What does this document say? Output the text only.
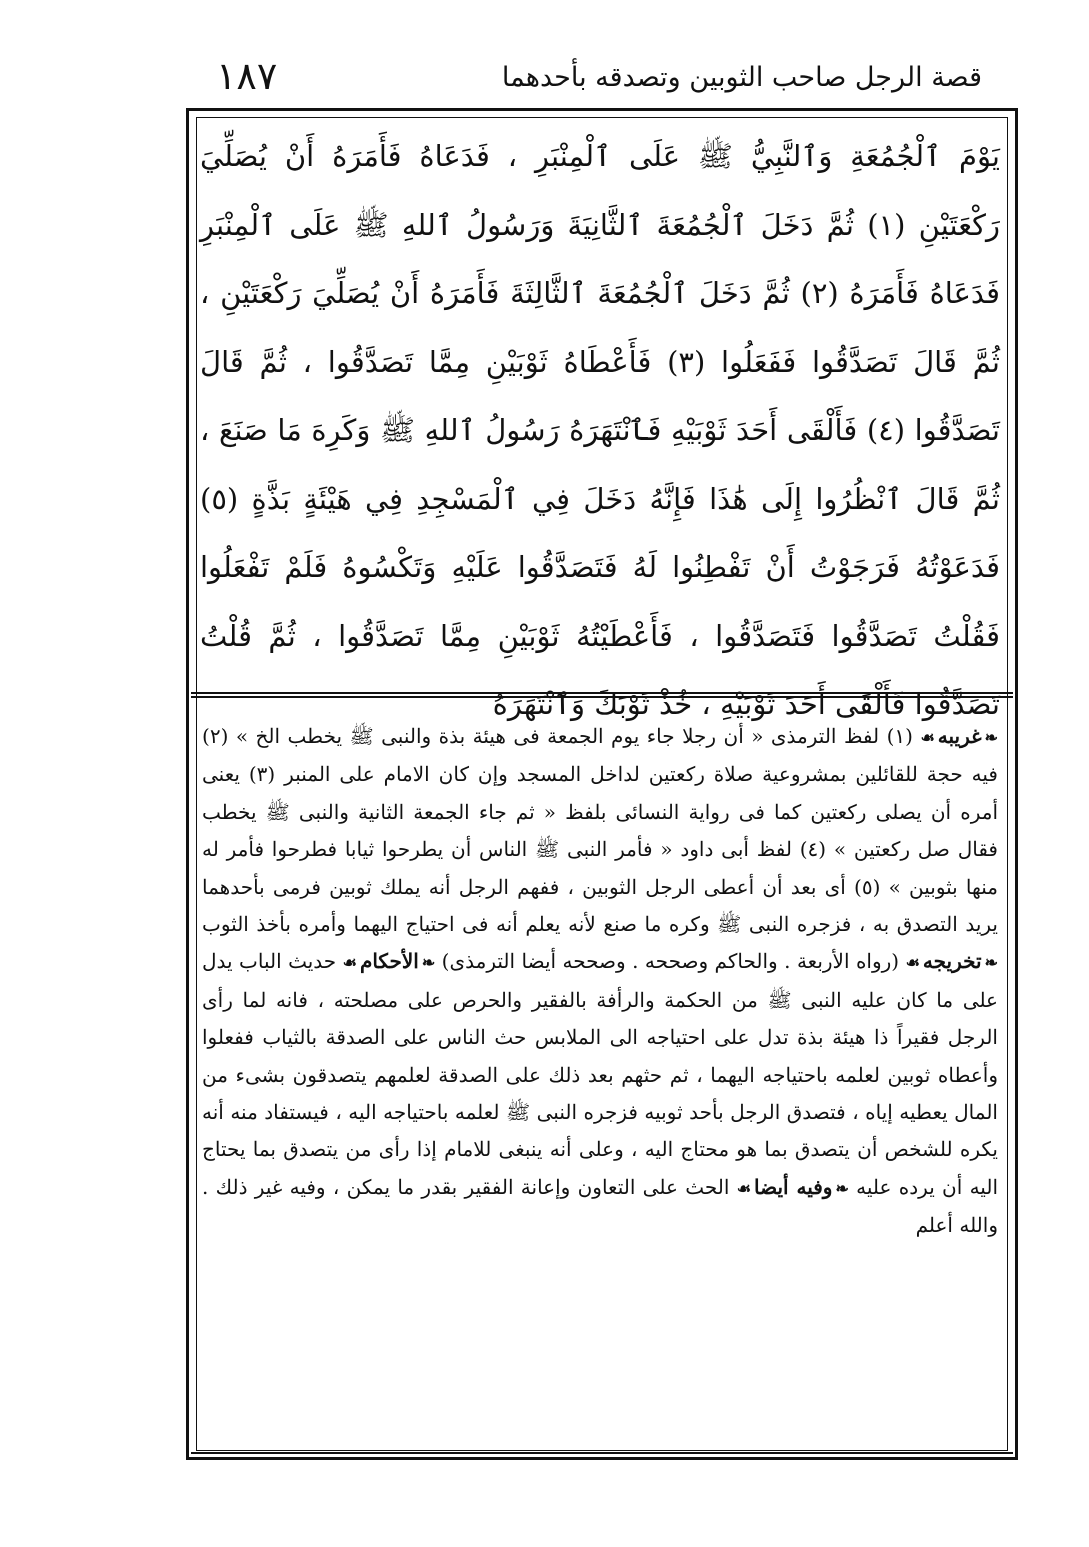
١٨٧	قصة الرجل صاحب الثوبين وتصدقه بأحدهما

يَوْمَ ٱلْجُمُعَةِ وَٱلنَّبِيُّ ﷺ عَلَى ٱلْمِنْبَرِ ، فَدَعَاهُ فَأَمَرَهُ أَنْ يُصَلِّيَ رَكْعَتَيْنِ (١) ثُمَّ دَخَلَ ٱلْجُمُعَةَ ٱلثَّانِيَةَ وَرَسُولُ ٱللهِ ﷺ عَلَى ٱلْمِنْبَرِ فَدَعَاهُ فَأَمَرَهُ (٢) ثُمَّ دَخَلَ ٱلْجُمُعَةَ ٱلثَّالِثَةَ فَأَمَرَهُ أَنْ يُصَلِّيَ رَكْعَتَيْنِ ، ثُمَّ قَالَ تَصَدَّقُوا فَفَعَلُوا (٣) فَأَعْطَاهُ ثَوْبَيْنِ مِمَّا تَصَدَّقُوا ، ثُمَّ قَالَ تَصَدَّقُوا (٤) فَأَلْقَى أَحَدَ ثَوْبَيْهِ فَٱنْتَهَرَهُ رَسُولُ ٱللهِ ﷺ وَكَرِهَ مَا صَنَعَ ، ثُمَّ قَالَ ٱنْظُرُوا إِلَى هَٰذَا فَإِنَّهُ دَخَلَ فِي ٱلْمَسْجِدِ فِي هَيْئَةٍ بَذَّةٍ (٥) فَدَعَوْتُهُ فَرَجَوْتُ أَنْ تَفْطِنُوا لَهُ فَتَصَدَّقُوا عَلَيْهِ وَتَكْسُوهُ فَلَمْ تَفْعَلُوا فَقُلْتُ تَصَدَّقُوا فَتَصَدَّقُوا ، فَأَعْطَيْتُهُ ثَوْبَيْنِ مِمَّا تَصَدَّقُوا ، ثُمَّ قُلْتُ تَصَدَّقُوا فَأَلْقَى أَحَدَ ثَوْبَيْهِ ، خُذْ ثَوْبَكَ وَٱنْتَهَرَهُ

❧ غريبه ☙ (١) لفظ الترمذى « أن رجلا جاء يوم الجمعة فى هيئة بذة والنبى ﷺ يخطب الخ » (٢) فيه حجة للقائلين بمشروعية صلاة ركعتين لداخل المسجد وإن كان الامام على المنبر (٣) يعنى أمره أن يصلى ركعتين كما فى رواية النسائى بلفظ « ثم جاء الجمعة الثانية والنبى ﷺ يخطب فقال صل ركعتين » (٤) لفظ أبى داود « فأمر النبى ﷺ الناس أن يطرحوا ثيابا فطرحوا فأمر له منها بثوبين » (٥) أى بعد أن أعطى الرجل الثوبين ، ففهم الرجل أنه يملك ثوبين فرمى بأحدهما يريد التصدق به ، فزجره النبى ﷺ وكره ما صنع لأنه يعلم أنه فى احتياج اليهما وأمره بأخذ الثوب ❧ تخريجه ☙ (رواه الأربعة . والحاكم وصححه . وصححه أيضا الترمذى) ❧ الأحكام ☙ حديث الباب يدل على ما كان عليه النبى ﷺ من الحكمة والرأفة بالفقير والحرص على مصلحته ، فانه لما رأى الرجل فقيراً ذا هيئة بذة تدل على احتياجه الى الملابس حث الناس على الصدقة بالثياب ففعلوا وأعطاه ثوبين لعلمه باحتياجه اليهما ، ثم حثهم بعد ذلك على الصدقة لعلمهم يتصدقون بشىء من المال يعطيه إياه ، فتصدق الرجل بأحد ثوبيه فزجره النبى ﷺ لعلمه باحتياجه اليه ، فيستفاد منه أنه يكره للشخص أن يتصدق بما هو محتاج اليه ، وعلى أنه ينبغى للامام إذا رأى من يتصدق بما يحتاج اليه أن يرده عليه ❧ وفيه أيضا ☙ الحث على التعاون وإعانة الفقير بقدر ما يمكن ، وفيه غير ذلك . والله أعلم
